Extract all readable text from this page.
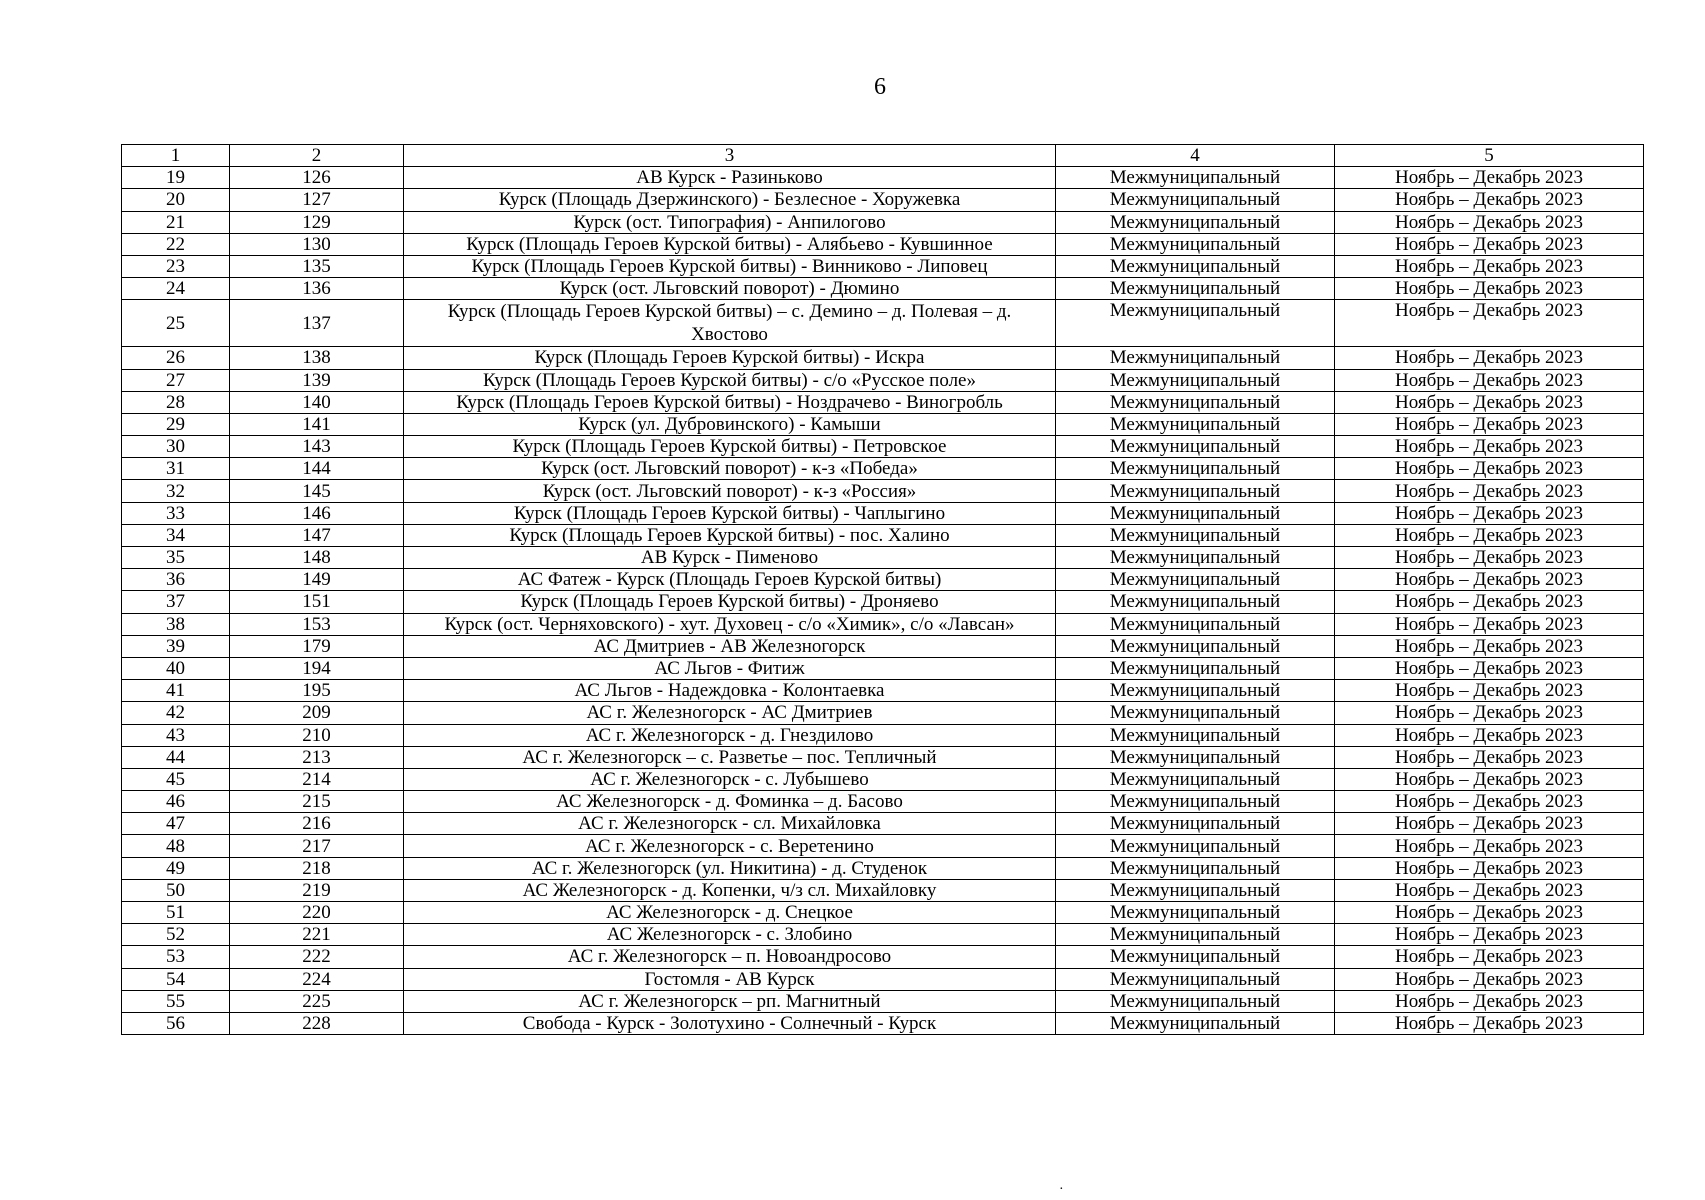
6
1	2	3	4	5
19	126	АВ Курск - Разиньково	Межмуниципальный	Ноябрь – Декабрь 2023
20	127	Курск (Площадь Дзержинского) - Безлесное - Хоружевка	Межмуниципальный	Ноябрь – Декабрь 2023
21	129	Курск (ост. Типография) - Анпилогово	Межмуниципальный	Ноябрь – Декабрь 2023
22	130	Курск (Площадь Героев Курской битвы) - Алябьево - Кувшинное	Межмуниципальный	Ноябрь – Декабрь 2023
23	135	Курск (Площадь Героев Курской битвы) - Винниково - Липовец	Межмуниципальный	Ноябрь – Декабрь 2023
24	136	Курск (ост. Льговский поворот) - Дюмино	Межмуниципальный	Ноябрь – Декабрь 2023
25	137	Курск (Площадь Героев Курской битвы) – с. Демино – д. Полевая – д. Хвостово	Межмуниципальный	Ноябрь – Декабрь 2023
26	138	Курск (Площадь Героев Курской битвы) - Искра	Межмуниципальный	Ноябрь – Декабрь 2023
27	139	Курск (Площадь Героев Курской битвы) - с/о «Русское поле»	Межмуниципальный	Ноябрь – Декабрь 2023
28	140	Курск (Площадь Героев Курской битвы) - Ноздрачево - Виногробль	Межмуниципальный	Ноябрь – Декабрь 2023
29	141	Курск (ул. Дубровинского) - Камыши	Межмуниципальный	Ноябрь – Декабрь 2023
30	143	Курск (Площадь Героев Курской битвы) - Петровское	Межмуниципальный	Ноябрь – Декабрь 2023
31	144	Курск (ост. Льговский поворот) - к-з «Победа»	Межмуниципальный	Ноябрь – Декабрь 2023
32	145	Курск (ост. Льговский поворот) - к-з «Россия»	Межмуниципальный	Ноябрь – Декабрь 2023
33	146	Курск (Площадь Героев Курской битвы) - Чаплыгино	Межмуниципальный	Ноябрь – Декабрь 2023
34	147	Курск (Площадь Героев Курской битвы) - пос. Халино	Межмуниципальный	Ноябрь – Декабрь 2023
35	148	АВ Курск - Пименово	Межмуниципальный	Ноябрь – Декабрь 2023
36	149	АС Фатеж - Курск (Площадь Героев Курской битвы)	Межмуниципальный	Ноябрь – Декабрь 2023
37	151	Курск (Площадь Героев Курской битвы) - Дроняево	Межмуниципальный	Ноябрь – Декабрь 2023
38	153	Курск (ост. Черняховского) - хут. Духовец - с/о «Химик», с/о «Лавсан»	Межмуниципальный	Ноябрь – Декабрь 2023
39	179	АС Дмитриев - АВ Железногорск	Межмуниципальный	Ноябрь – Декабрь 2023
40	194	АС Льгов - Фитиж	Межмуниципальный	Ноябрь – Декабрь 2023
41	195	АС Льгов - Надеждовка - Колонтаевка	Межмуниципальный	Ноябрь – Декабрь 2023
42	209	АС г. Железногорск - АС Дмитриев	Межмуниципальный	Ноябрь – Декабрь 2023
43	210	АС г. Железногорск - д. Гнездилово	Межмуниципальный	Ноябрь – Декабрь 2023
44	213	АС г. Железногорск – с. Разветье – пос. Тепличный	Межмуниципальный	Ноябрь – Декабрь 2023
45	214	АС г. Железногорск - с. Лубышево	Межмуниципальный	Ноябрь – Декабрь 2023
46	215	АС Железногорск - д. Фоминка – д. Басово	Межмуниципальный	Ноябрь – Декабрь 2023
47	216	АС г. Железногорск - сл. Михайловка	Межмуниципальный	Ноябрь – Декабрь 2023
48	217	АС г. Железногорск - с. Веретенино	Межмуниципальный	Ноябрь – Декабрь 2023
49	218	АС г. Железногорск (ул. Никитина) - д. Студенок	Межмуниципальный	Ноябрь – Декабрь 2023
50	219	АС Железногорск - д. Копенки, ч/з сл. Михайловку	Межмуниципальный	Ноябрь – Декабрь 2023
51	220	АС Железногорск - д. Снецкое	Межмуниципальный	Ноябрь – Декабрь 2023
52	221	АС Железногорск - с. Злобино	Межмуниципальный	Ноябрь – Декабрь 2023
53	222	АС г. Железногорск – п. Новоандросово	Межмуниципальный	Ноябрь – Декабрь 2023
54	224	Гостомля - АВ Курск	Межмуниципальный	Ноябрь – Декабрь 2023
55	225	АС г. Железногорск – рп. Магнитный	Межмуниципальный	Ноябрь – Декабрь 2023
56	228	Свобода - Курск - Золотухино - Солнечный - Курск	Межмуниципальный	Ноябрь – Декабрь 2023
·
